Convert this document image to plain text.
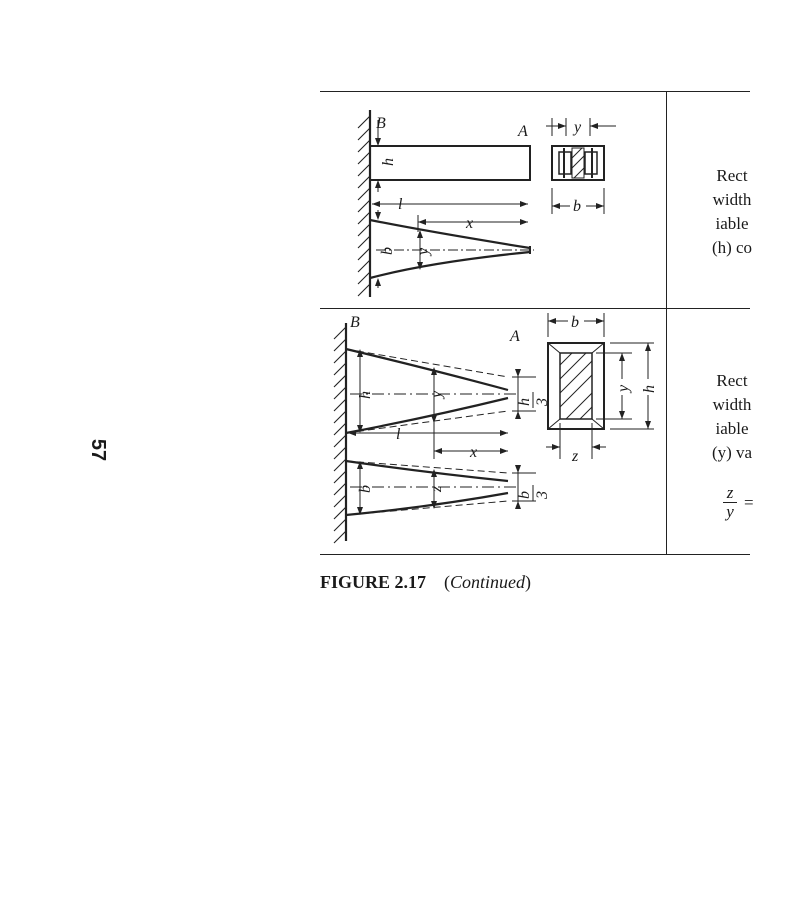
57
h
B	A
l
x
b y
y
b
Rect
width
iable
(h) co
B
A
h	y
h 3
l
x
b	z
b 3
b
h
y
z
Rect
width
iable
(y) va
$\frac{z}{y}$ =
FIGURE 2.17 (Continued)
